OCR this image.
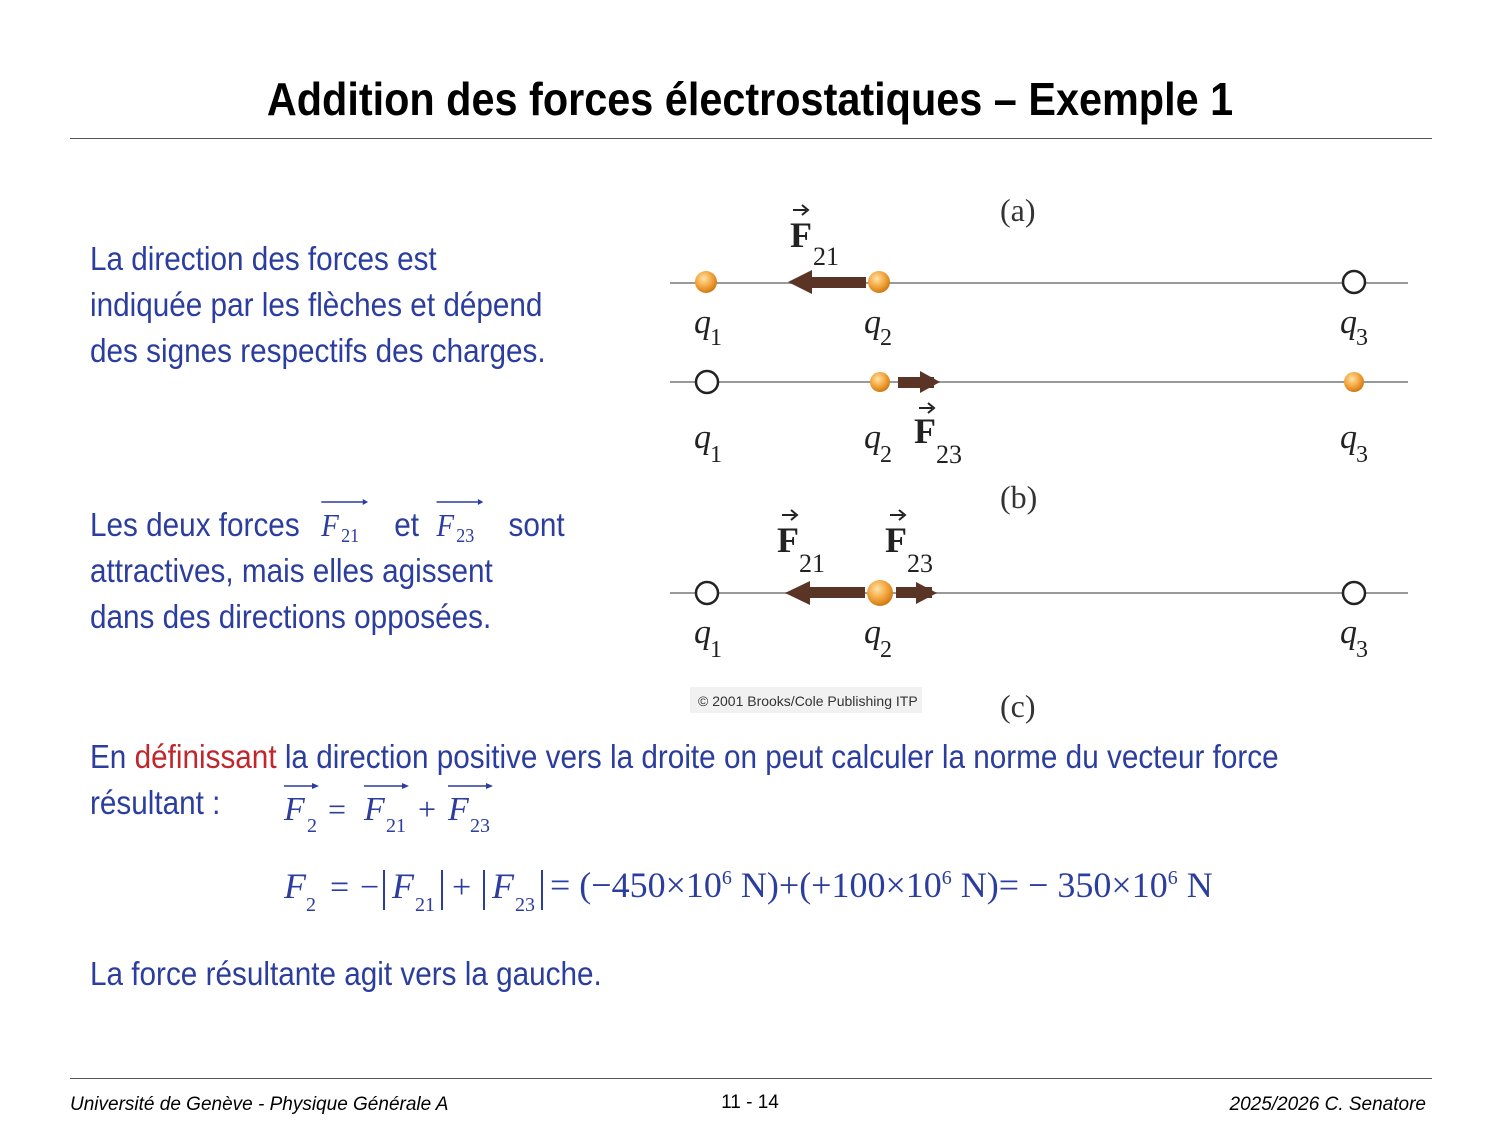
Addition des forces électrostatiques – Exemple 1
La direction des forces est
indiquée par les flèches et dépend
des signes respectifs des charges.
Les deux forces F 21 et F 23 sont
attractives, mais elles agissent
dans des directions opposées.
(a)
(b)
(c)
F
21
q 1	q 2	q 3
F
23
q 1	q 2	q 3
F
21
F
23
q 1	q 2	q 3
© 2001 Brooks/Cole Publishing ITP
En définissant la direction positive vers la droite on peut calculer la norme du vecteur force
résultant :	F 2 = F 21 + F 23
F 2 = − F 21 + F $23 = (-450\times 10^6$ $N)+(+100\times 10^6$ $N)= - 350\times 10^6$ N
La force résultante agit vers la gauche.
Université de Genève - Physique Générale A	11 - 14	2025/2026 C. Senatore
